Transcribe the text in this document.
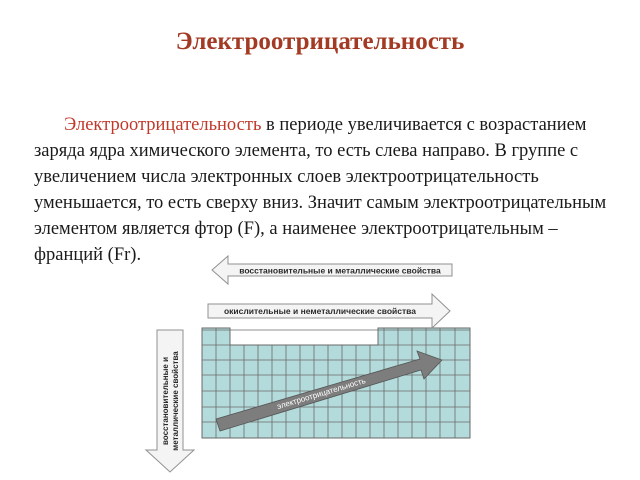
Электроотрицательность

Электроотрицательность в периоде увеличивается с возрастанием заряда ядра химического элемента, то есть слева направо. В группе с увеличением числа электронных слоев электроотрицательность уменьшается, то есть сверху вниз. Значит самым электроотрицательным элементом является фтор (F), а наименее электроотрицательным – франций (Fr).

восстановительные и металлические свойства
окислительные и неметаллические свойства
восстановительные и металлические свойства	электроотрицательность
